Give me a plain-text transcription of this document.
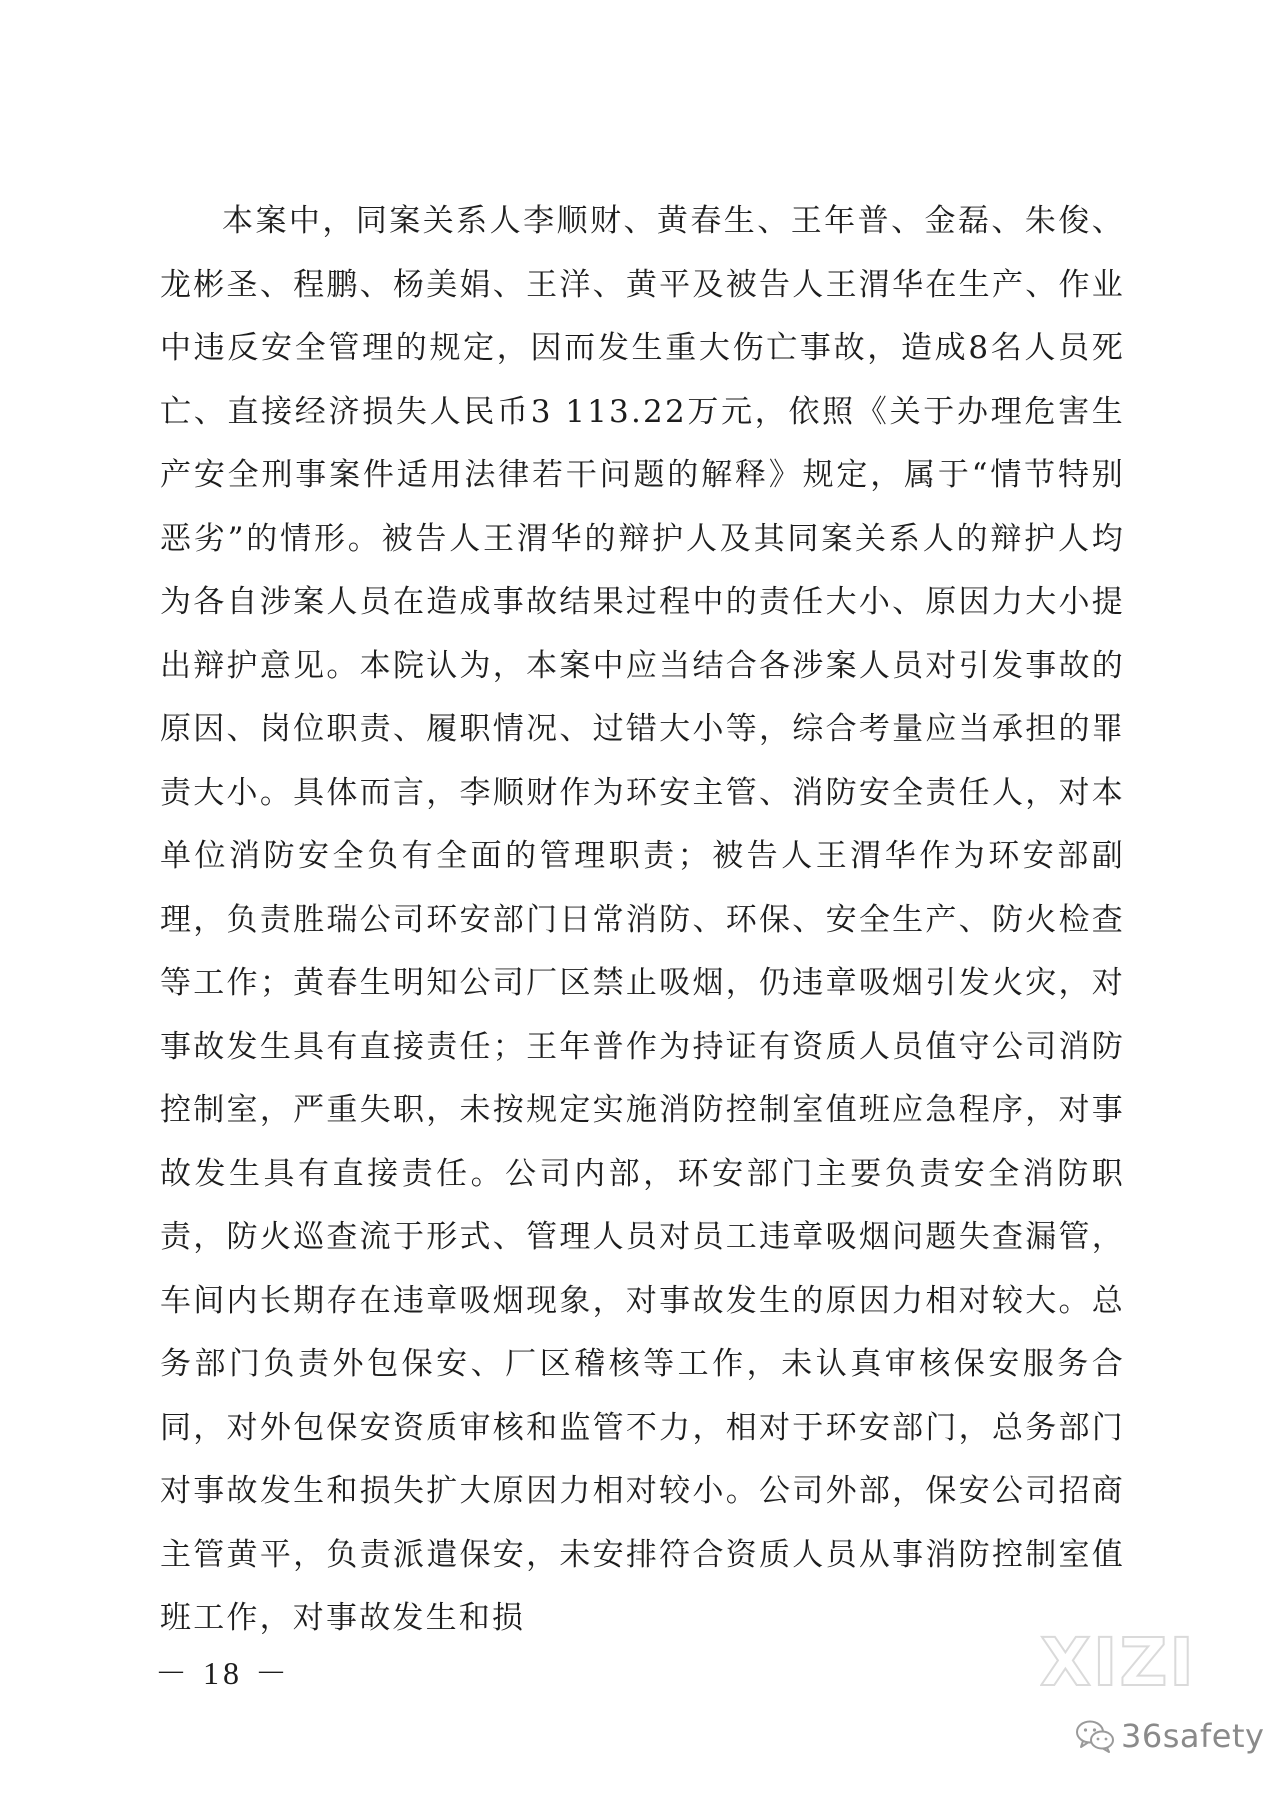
本案中，同案关系人李顺财、黄春生、王年普、金磊、朱俊、龙彬圣、程鹏、杨美娟、王洋、黄平及被告人王渭华在生产、作业中违反安全管理的规定，因而发生重大伤亡事故，造成8名人员死亡、直接经济损失人民币3 113.22万元，依照《关于办理危害生产安全刑事案件适用法律若干问题的解释》规定，属于“情节特别恶劣”的情形。被告人王渭华的辩护人及其同案关系人的辩护人均为各自涉案人员在造成事故结果过程中的责任大小、原因力大小提出辩护意见。本院认为，本案中应当结合各涉案人员对引发事故的原因、岗位职责、履职情况、过错大小等，综合考量应当承担的罪责大小。具体而言，李顺财作为环安主管、消防安全责任人，对本单位消防安全负有全面的管理职责；被告人王渭华作为环安部副理，负责胜瑞公司环安部门日常消防、环保、安全生产、防火检查等工作；黄春生明知公司厂区禁止吸烟，仍违章吸烟引发火灾，对事故发生具有直接责任；王年普作为持证有资质人员值守公司消防控制室，严重失职，未按规定实施消防控制室值班应急程序，对事故发生具有直接责任。公司内部，环安部门主要负责安全消防职责，防火巡查流于形式、管理人员对员工违章吸烟问题失查漏管，车间内长期存在违章吸烟现象，对事故发生的原因力相对较大。总务部门负责外包保安、厂区稽核等工作，未认真审核保安服务合同，对外包保安资质审核和监管不力，相对于环安部门，总务部门对事故发生和损失扩大原因力相对较小。公司外部，保安公司招商主管黄平，负责派遣保安，未安排符合资质人员从事消防控制室值班工作，对事故发生和损

－ 18 －	XIZI
36safety
